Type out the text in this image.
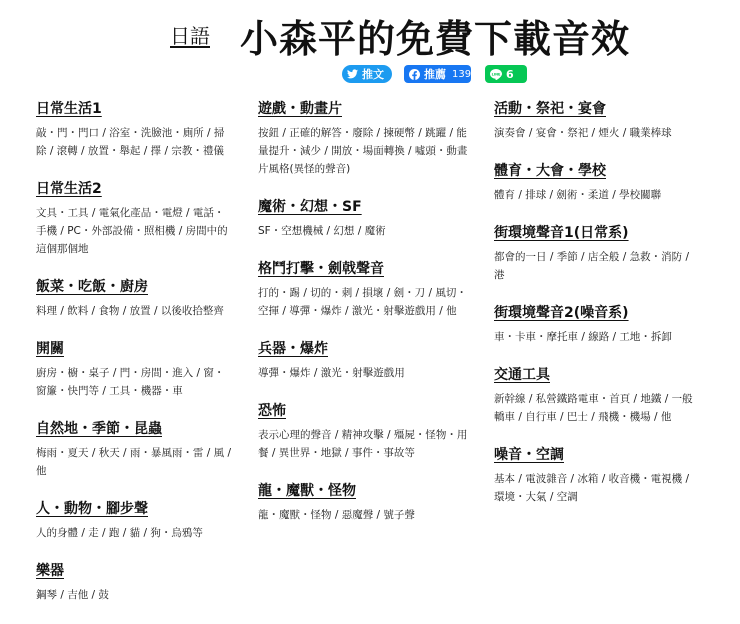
日語 小森平的免費下載音效
推文	推薦 139	LINE 6
日常生活1

敲・門・門口 / 浴室・洗臉池・廁所 / 掃除 / 滾轉 / 放置・舉起 / 擇 / 宗教・禮儀

日常生活2

文具・工具 / 電氣化產品・電燈 / 電話・手機 / PC・外部設備・照相機 / 房間中的這個那個地

飯菜・吃飯・廚房

料理 / 飲料 / 食物 / 放置 / 以後收拾整齊

開關

廚房・櫥・桌子 / 門・房間・進入 / 窗・窗簾・快門等 / 工具・機器・車

自然地・季節・昆蟲

梅雨・夏天 / 秋天 / 雨・暴風雨・雷 / 風 / 他

人・動物・腳步聲

人的身體 / 走 / 跑 / 貓 / 狗・烏鴉等

樂器

鋼琴 / 吉他 / 鼓

遊戲・動畫片

按鈕 / 正確的解答・廢除 / 揀硬幣 / 跳躍 / 能量提升・減少 / 開放・場面轉換 / 噓頭・動畫片風格(異怪的聲音)

魔術・幻想・SF

SF・空想機械 / 幻想 / 魔術

格鬥打擊・劍戟聲音

打的・踢 / 切的・刺 / 損壞 / 劍・刀 / 風切・空揮 / 導彈・爆炸 / 激光・射擊遊戲用 / 他

兵器・爆炸

導彈・爆炸 / 激光・射擊遊戲用

恐怖

表示心理的聲音 / 精神攻擊 / 殭屍・怪物・用餐 / 異世界・地獄 / 事件・事故等

龍・魔獸・怪物

龍・魔獸・怪物 / 惡魔聲 / 號子聲

活動・祭祀・宴會

演奏會 / 宴會・祭祀 / 煙火 / 職業棒球

體育・大會・學校

體育 / 排球 / 劍術・柔道 / 學校關聯

街環境聲音1(日常系)

都會的一日 / 季節 / 店全般 / 急救・消防 / 港

街環境聲音2(噪音系)

車・卡車・摩托車 / 線路 / 工地・拆卸

交通工具

新幹線 / 私營鐵路電車・首頁 / 地鐵 / 一般轎車 / 自行車 / 巴士 / 飛機・機場 / 他

噪音・空調

基本 / 電波雜音 / 冰箱 / 收音機・電視機 / 環境・大氣 / 空調
